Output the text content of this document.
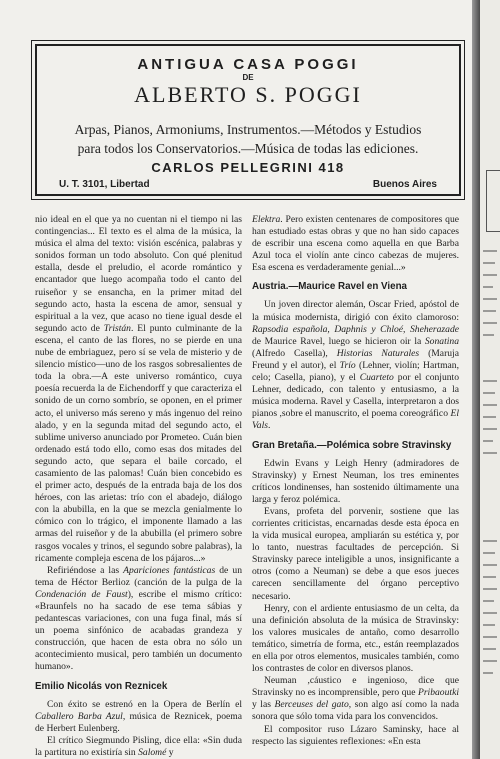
ANTIGUA CASA POGGI
DE
ALBERTO S. POGGI
Arpas, Pianos, Armoniums, Instrumentos.—Métodos y Estudios
para todos los Conservatorios.—Música de todas las ediciones.
CARLOS PELLEGRINI 418
U. T. 3101, Libertad	Buenos Aires

nio ideal en el que ya no cuentan ni el tiempo ni las contingencias... El texto es el alma de la música, la música el alma del texto: visión escénica, palabras y sonidos forman un todo absoluto. Con qué plenitud estalla, desde el preludio, el acorde romántico y encantador que luego acompaña todo el canto del ruiseñor y se ensancha, en la primer mitad del segundo acto, hasta la escena de amor, sensual y espiritual a la vez, que acaso no tiene igual desde el segundo acto de Tristán. El punto culminante de la escena, el canto de las flores, no se pierde en una nube de embriaguez, pero sí se vela de misterio y de silencio místico—uno de los rasgos sobresalientes de toda la obra.—A este universo romántico, cuya poesía recuerda la de Eichendorff y que caracteriza el sonido de un corno sombrío, se oponen, en el primer acto, el universo más sereno y más ingenuo del reino alado, y en la segunda mitad del segundo acto, el sublime universo anunciado por Prometeo. Cuán bien ordenado está todo ello, como esas dos mitades del segundo acto, que separa el baile corcado, el casamiento de las palomas! Cuán bien concebido es el primer acto, después de la entrada baja de los dos héroes, con las arietas: trío con el abadejo, diálogo con la abubilla, en la que se mezcla genialmente lo cómico con lo trágico, el imponente llamado a las armas del ruiseñor y de la abubilla (el primero sobre rasgos vocales y trinos, el segundo sobre palabras), la ricamente compleja escena de los pájaros...»

Refiriéndose a las Apariciones fantásticas de un tema de Héctor Berlioz (canción de la pulga de la Condenación de Faust), escribe el mismo crítico: «Braunfels no ha sacado de ese tema sábias y pedantescas variaciones, con una fuga final, más sí un poema sinfónico de acabadas grandeza y construcción, que hacen de esta obra no sólo un acontecimiento musical, pero también un documento humano».

Emilio Nicolás von Reznicek

Con éxito se estrenó en la Opera de Berlín el Caballero Barba Azul, música de Reznicek, poema de Herbert Eulenberg.

El crítico Siegmundo Pisling, dice ella: «Sin duda la partitura no existiría sin Salomé y

Elektra. Pero existen centenares de compositores que han estudiado estas obras y que no han sido capaces de escribir una escena como aquella en que Barba Azul toca el violín ante cinco cabezas de mujeres. Esa escena es verdaderamente genial...»

Austria.—Maurice Ravel en Viena

Un joven director alemán, Oscar Fried, apóstol de la música modernista, dirigió con éxito clamoroso: Rapsodia española, Daphnis y Chloé, Sheherazade de Maurice Ravel, luego se hicieron oir la Sonatina (Alfredo Casella), Historias Naturales (Maruja Freund y el autor), el Trío (Lehner, violín; Hartman, celo; Casella, piano), y el Cuarteto por el conjunto Lehner, dedicado, con talento y entusiasmo, a la música moderna. Ravel y Casella, interpretaron a dos pianos ,sobre el manuscrito, el poema coreográfico El Vals.

Gran Bretaña.—Polémica sobre Stravinsky

Edwin Evans y Leigh Henry (admiradores de Stravinsky) y Ernest Neuman, los tres eminentes críticos londinenses, han sostenido últimamente una larga y feroz polémica.

Evans, profeta del porvenir, sostiene que las corrientes criticistas, encarnadas desde esta época en la vida musical europea, ampliarán su estética y, por lo tanto, nuestras facultades de percepción. Si Stravinsky parece inteligible a unos, insignificante a otros (como a Neuman) se debe a que esos jueces carecen sencillamente del órgano perceptivo necesario.

Henry, con el ardiente entusiasmo de un celta, da una definición absoluta de la música de Stravinsky: los valores musicales de antaño, como desarrollo temático, simetría de forma, etc., están reemplazados en ella por otros elementos, musicales también, como los contrastes de color en diversos planos.

Neuman ,cáustico e ingenioso, dice que Stravinsky no es incomprensible, pero que Pribaoutki y las Berceuses del gato, son algo así como la nada sonora que sólo toma vida para los convencidos.

El compositor ruso Lázaro Saminsky, hace al respecto las siguientes reflexiones: «En esta
